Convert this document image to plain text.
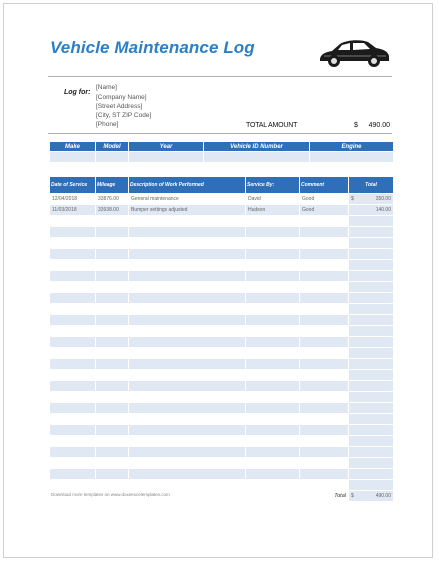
Vehicle Maintenance Log
Log for:
[Name]
[Company Name]
[Street Address]
[City, ST ZIP Code]
[Phone]	TOTAL AMOUNT	$	490.00
Make	Model	Year	Vehicle ID Number	Engine

Date of Service	Mileage	Description of Work Performed	Service By:	Comment	Total
12/04/2018	33876.00	General maintenance	David	Good	$ 350.00

11/03/2018	33938.00	Bumper settings adjusted	Hudson	Good	140.00

Total					$ 490.00
Download more templates on www.doxeexcelemplates.com
